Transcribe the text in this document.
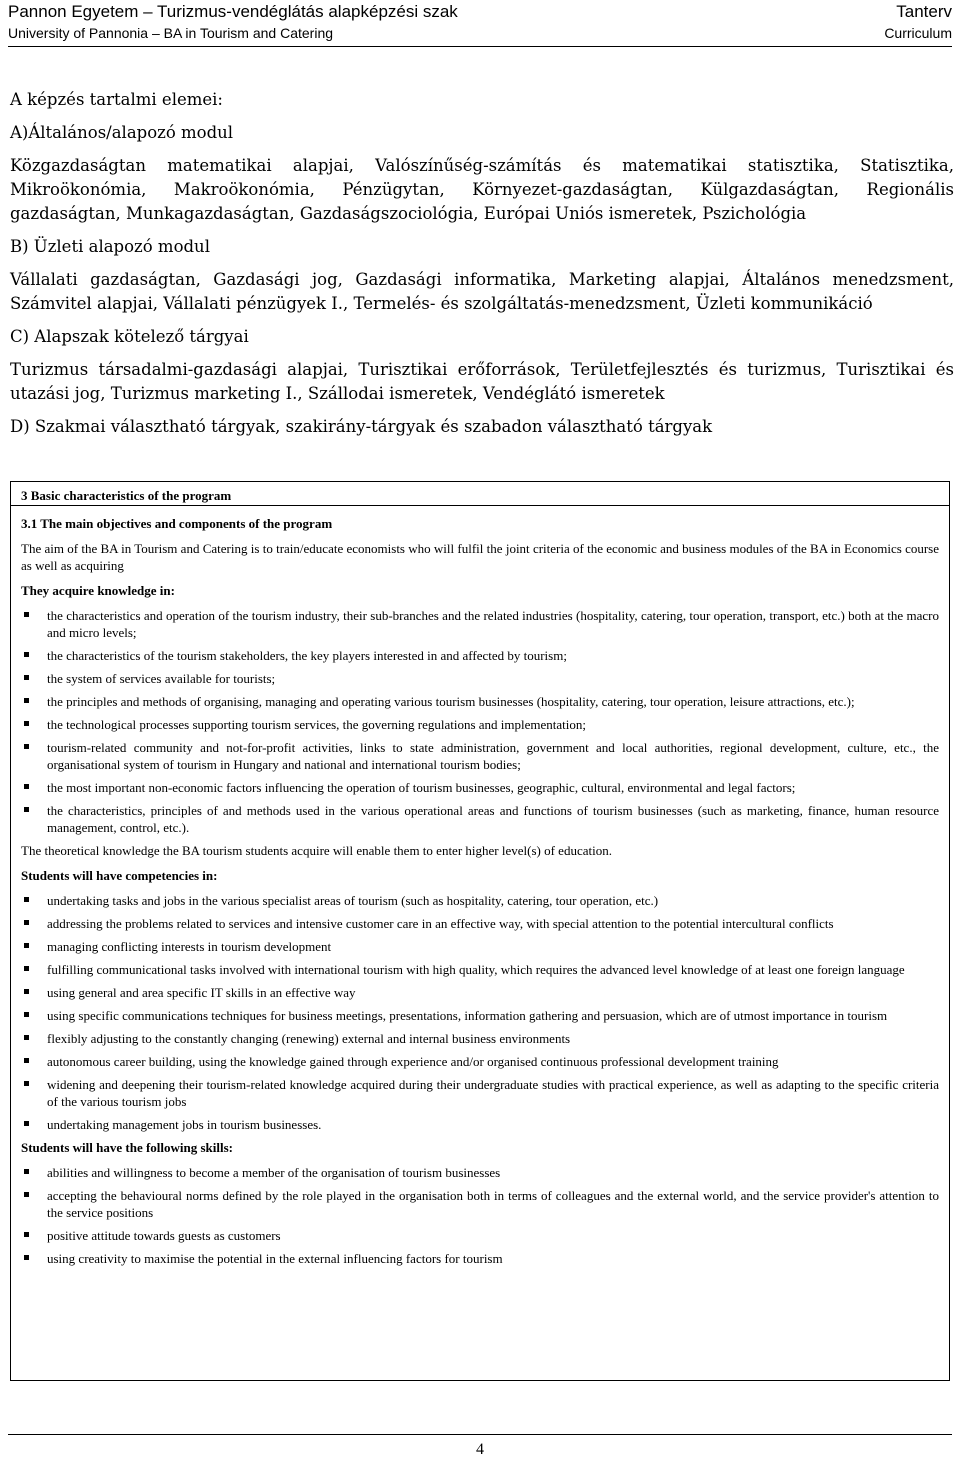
Pannon Egyetem – Turizmus-vendéglátás alapképzési szak	Tanterv
University of Pannonia – BA in Tourism and Catering	Curriculum

A képzés tartalmi elemei:

A)Általános/alapozó modul

Közgazdaságtan matematikai alapjai, Valószínűség-számítás és matematikai statisztika, Statisztika, Mikroökonómia, Makroökonómia, Pénzügytan, Környezet-gazdaságtan, Külgazdaságtan, Regionális gazdaságtan, Munkagazdaságtan, Gazdaságszociológia, Európai Uniós ismeretek, Pszichológia

B) Üzleti alapozó modul

Vállalati gazdaságtan, Gazdasági jog, Gazdasági informatika, Marketing alapjai, Általános menedzsment, Számvitel alapjai, Vállalati pénzügyek I., Termelés- és szolgáltatás-menedzsment, Üzleti kommunikáció

C) Alapszak kötelező tárgyai

Turizmus társadalmi-gazdasági alapjai, Turisztikai erőforrások, Területfejlesztés és turizmus, Turisztikai és utazási jog, Turizmus marketing I., Szállodai ismeretek, Vendéglátó ismeretek

D) Szakmai választható tárgyak, szakirány-tárgyak és szabadon választható tárgyak

3 Basic characteristics of the program

3.1 The main objectives and components of the program

The aim of the BA in Tourism and Catering is to train/educate economists who will fulfil the joint criteria of the economic and business modules of the BA in Economics course as well as acquiring

They acquire knowledge in:

the characteristics and operation of the tourism industry, their sub-branches and the related industries (hospitality, catering, tour operation, transport, etc.) both at the macro and micro levels;
the characteristics of the tourism stakeholders, the key players interested in and affected by tourism;
the system of services available for tourists;
the principles and methods of organising, managing and operating various tourism businesses (hospitality, catering, tour operation, leisure attractions, etc.);
the technological processes supporting tourism services, the governing regulations and implementation;
tourism-related community and not-for-profit activities, links to state administration, government and local authorities, regional development, culture, etc., the organisational system of tourism in Hungary and national and international tourism bodies;
the most important non-economic factors influencing the operation of tourism businesses, geographic, cultural, environmental and legal factors;
the characteristics, principles of and methods used in the various operational areas and functions of tourism businesses (such as marketing, finance, human resource management, control, etc.).

The theoretical knowledge the BA tourism students acquire will enable them to enter higher level(s) of education.

Students will have competencies in:

undertaking tasks and jobs in the various specialist areas of tourism (such as hospitality, catering, tour operation, etc.)
addressing the problems related to services and intensive customer care in an effective way, with special attention to the potential intercultural conflicts
managing conflicting interests in tourism development
fulfilling communicational tasks involved with international tourism with high quality, which requires the advanced level knowledge of at least one foreign language
using general and area specific IT skills in an effective way
using specific communications techniques for business meetings, presentations, information gathering and persuasion, which are of utmost importance in tourism
flexibly adjusting to the constantly changing (renewing) external and internal business environments
autonomous career building, using the knowledge gained through experience and/or organised continuous professional development training
widening and deepening their tourism-related knowledge acquired during their undergraduate studies with practical experience, as well as adapting to the specific criteria of the various tourism jobs
undertaking management jobs in tourism businesses.

Students will have the following skills:

abilities and willingness to become a member of the organisation of tourism businesses
accepting the behavioural norms defined by the role played in the organisation both in terms of colleagues and the external world, and the service provider's attention to the service positions
positive attitude towards guests as customers
using creativity to maximise the potential in the external influencing factors for tourism
4
